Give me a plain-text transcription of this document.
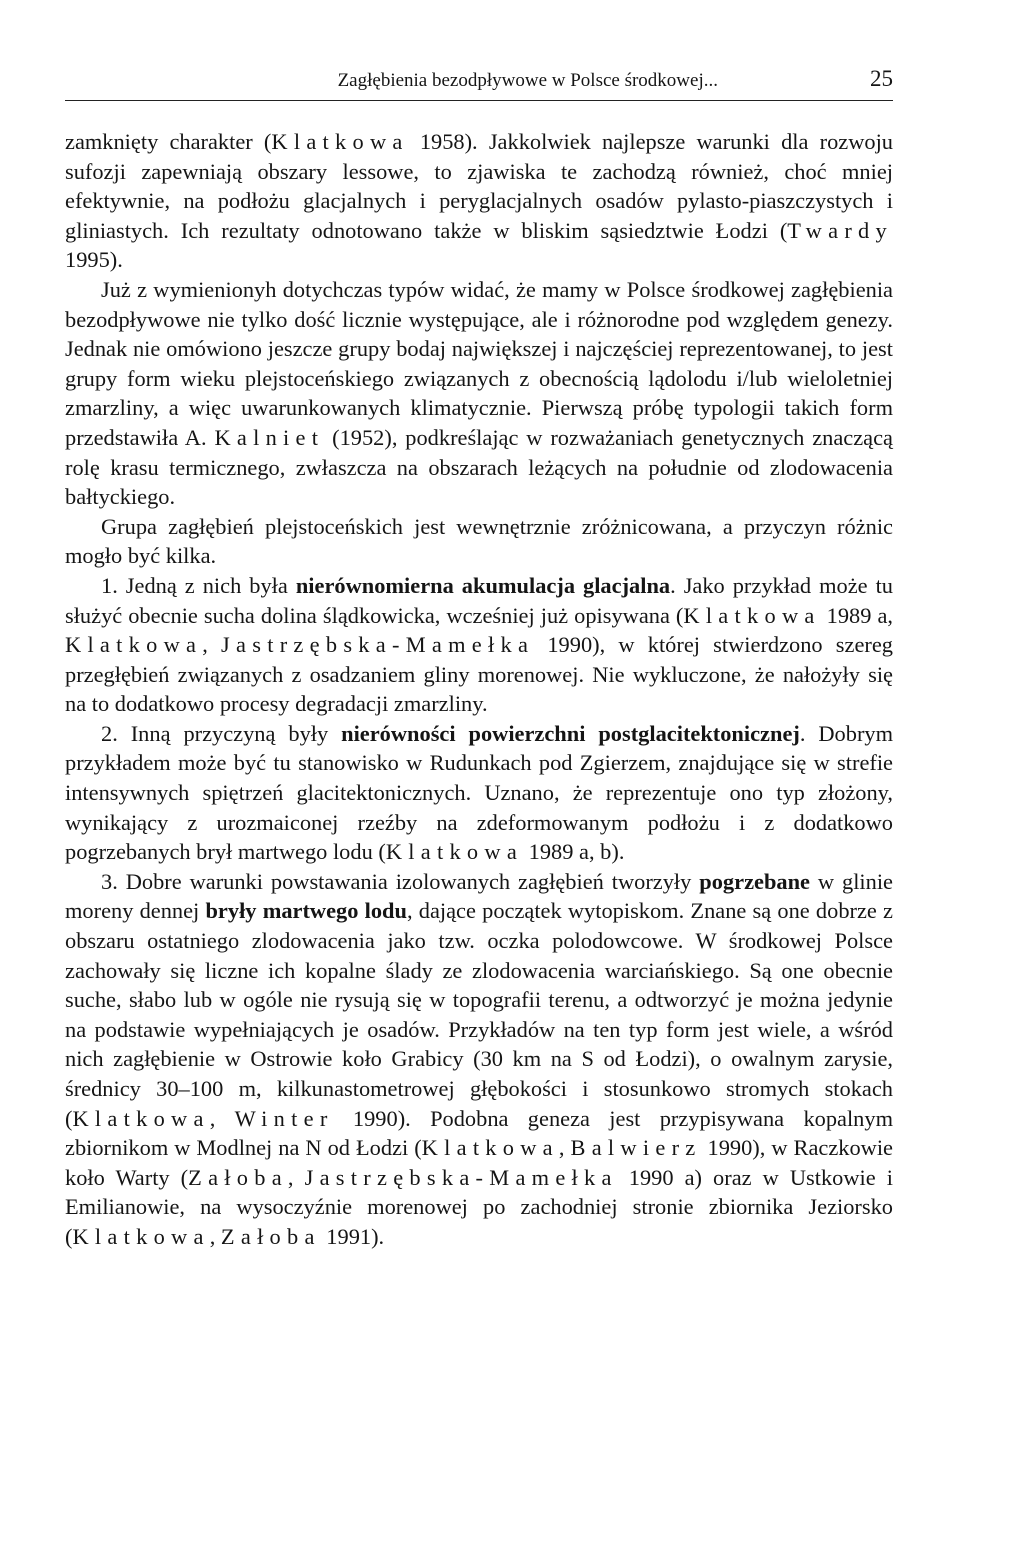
Zagłębienia bezodpływowe w Polsce środkowej...	25

zamknięty charakter (Klatkowa 1958). Jakkolwiek najlepsze warunki dla rozwoju sufozji zapewniają obszary lessowe, to zjawiska te zachodzą również, choć mniej efektywnie, na podłożu glacjalnych i peryglacjalnych osadów pylasto-piaszczystych i gliniastych. Ich rezultaty odnotowano także w bliskim sąsiedztwie Łodzi (Twardy 1995).

Już z wymienionyh dotychczas typów widać, że mamy w Polsce środkowej zagłębienia bezodpływowe nie tylko dość licznie występujące, ale i różnorodne pod względem genezy. Jednak nie omówiono jeszcze grupy bodaj największej i najczęściej reprezentowanej, to jest grupy form wieku plejstoceńskiego związanych z obecnością lądolodu i/lub wieloletniej zmarzliny, a więc uwarunkowanych klimatycznie. Pierwszą próbę typologii takich form przedstawiła A. Kalniet (1952), podkreślając w rozważaniach genetycznych znaczącą rolę krasu termicznego, zwłaszcza na obszarach leżących na południe od zlodowacenia bałtyckiego.

Grupa zagłębień plejstoceńskich jest wewnętrznie zróżnicowana, a przyczyn różnic mogło być kilka.

1. Jedną z nich była nierównomierna akumulacja glacjalna. Jako przykład może tu służyć obecnie sucha dolina ślądkowicka, wcześniej już opisywana (Klatkowa 1989 a, Klatkowa, Jastrzębska-Mamełka 1990), w której stwierdzono szereg przegłębień związanych z osadzaniem gliny morenowej. Nie wykluczone, że nałożyły się na to dodatkowo procesy degradacji zmarzliny.

2. Inną przyczyną były nierówności powierzchni postglacitektonicznej. Dobrym przykładem może być tu stanowisko w Rudunkach pod Zgierzem, znajdujące się w strefie intensywnych spiętrzeń glacitektonicznych. Uznano, że reprezentuje ono typ złożony, wynikający z urozmaiconej rzeźby na zdeformowanym podłożu i z dodatkowo pogrzebanych brył martwego lodu (Klatkowa 1989 a, b).

3. Dobre warunki powstawania izolowanych zagłębień tworzyły pogrzebane w glinie moreny dennej bryły martwego lodu, dające początek wytopiskom. Znane są one dobrze z obszaru ostatniego zlodowacenia jako tzw. oczka polodowcowe. W środkowej Polsce zachowały się liczne ich kopalne ślady ze zlodowacenia warciańskiego. Są one obecnie suche, słabo lub w ogóle nie rysują się w topografii terenu, a odtworzyć je można jedynie na podstawie wypełniających je osadów. Przykładów na ten typ form jest wiele, a wśród nich zagłębienie w Ostrowie koło Grabicy (30 km na S od Łodzi), o owalnym zarysie, średnicy 30–100 m, kilkunastometrowej głębokości i stosunkowo stromych stokach (Klatkowa, Winter 1990). Podobna geneza jest przypisywana kopalnym zbiornikom w Modlnej na N od Łodzi (Klatkowa, Balwierz 1990), w Raczkowie koło Warty (Załoba, Jastrzębska-Mamełka 1990 a) oraz w Ustkowie i Emilianowie, na wysoczyźnie morenowej po zachodniej stronie zbiornika Jeziorsko (Klatkowa, Załoba 1991).
